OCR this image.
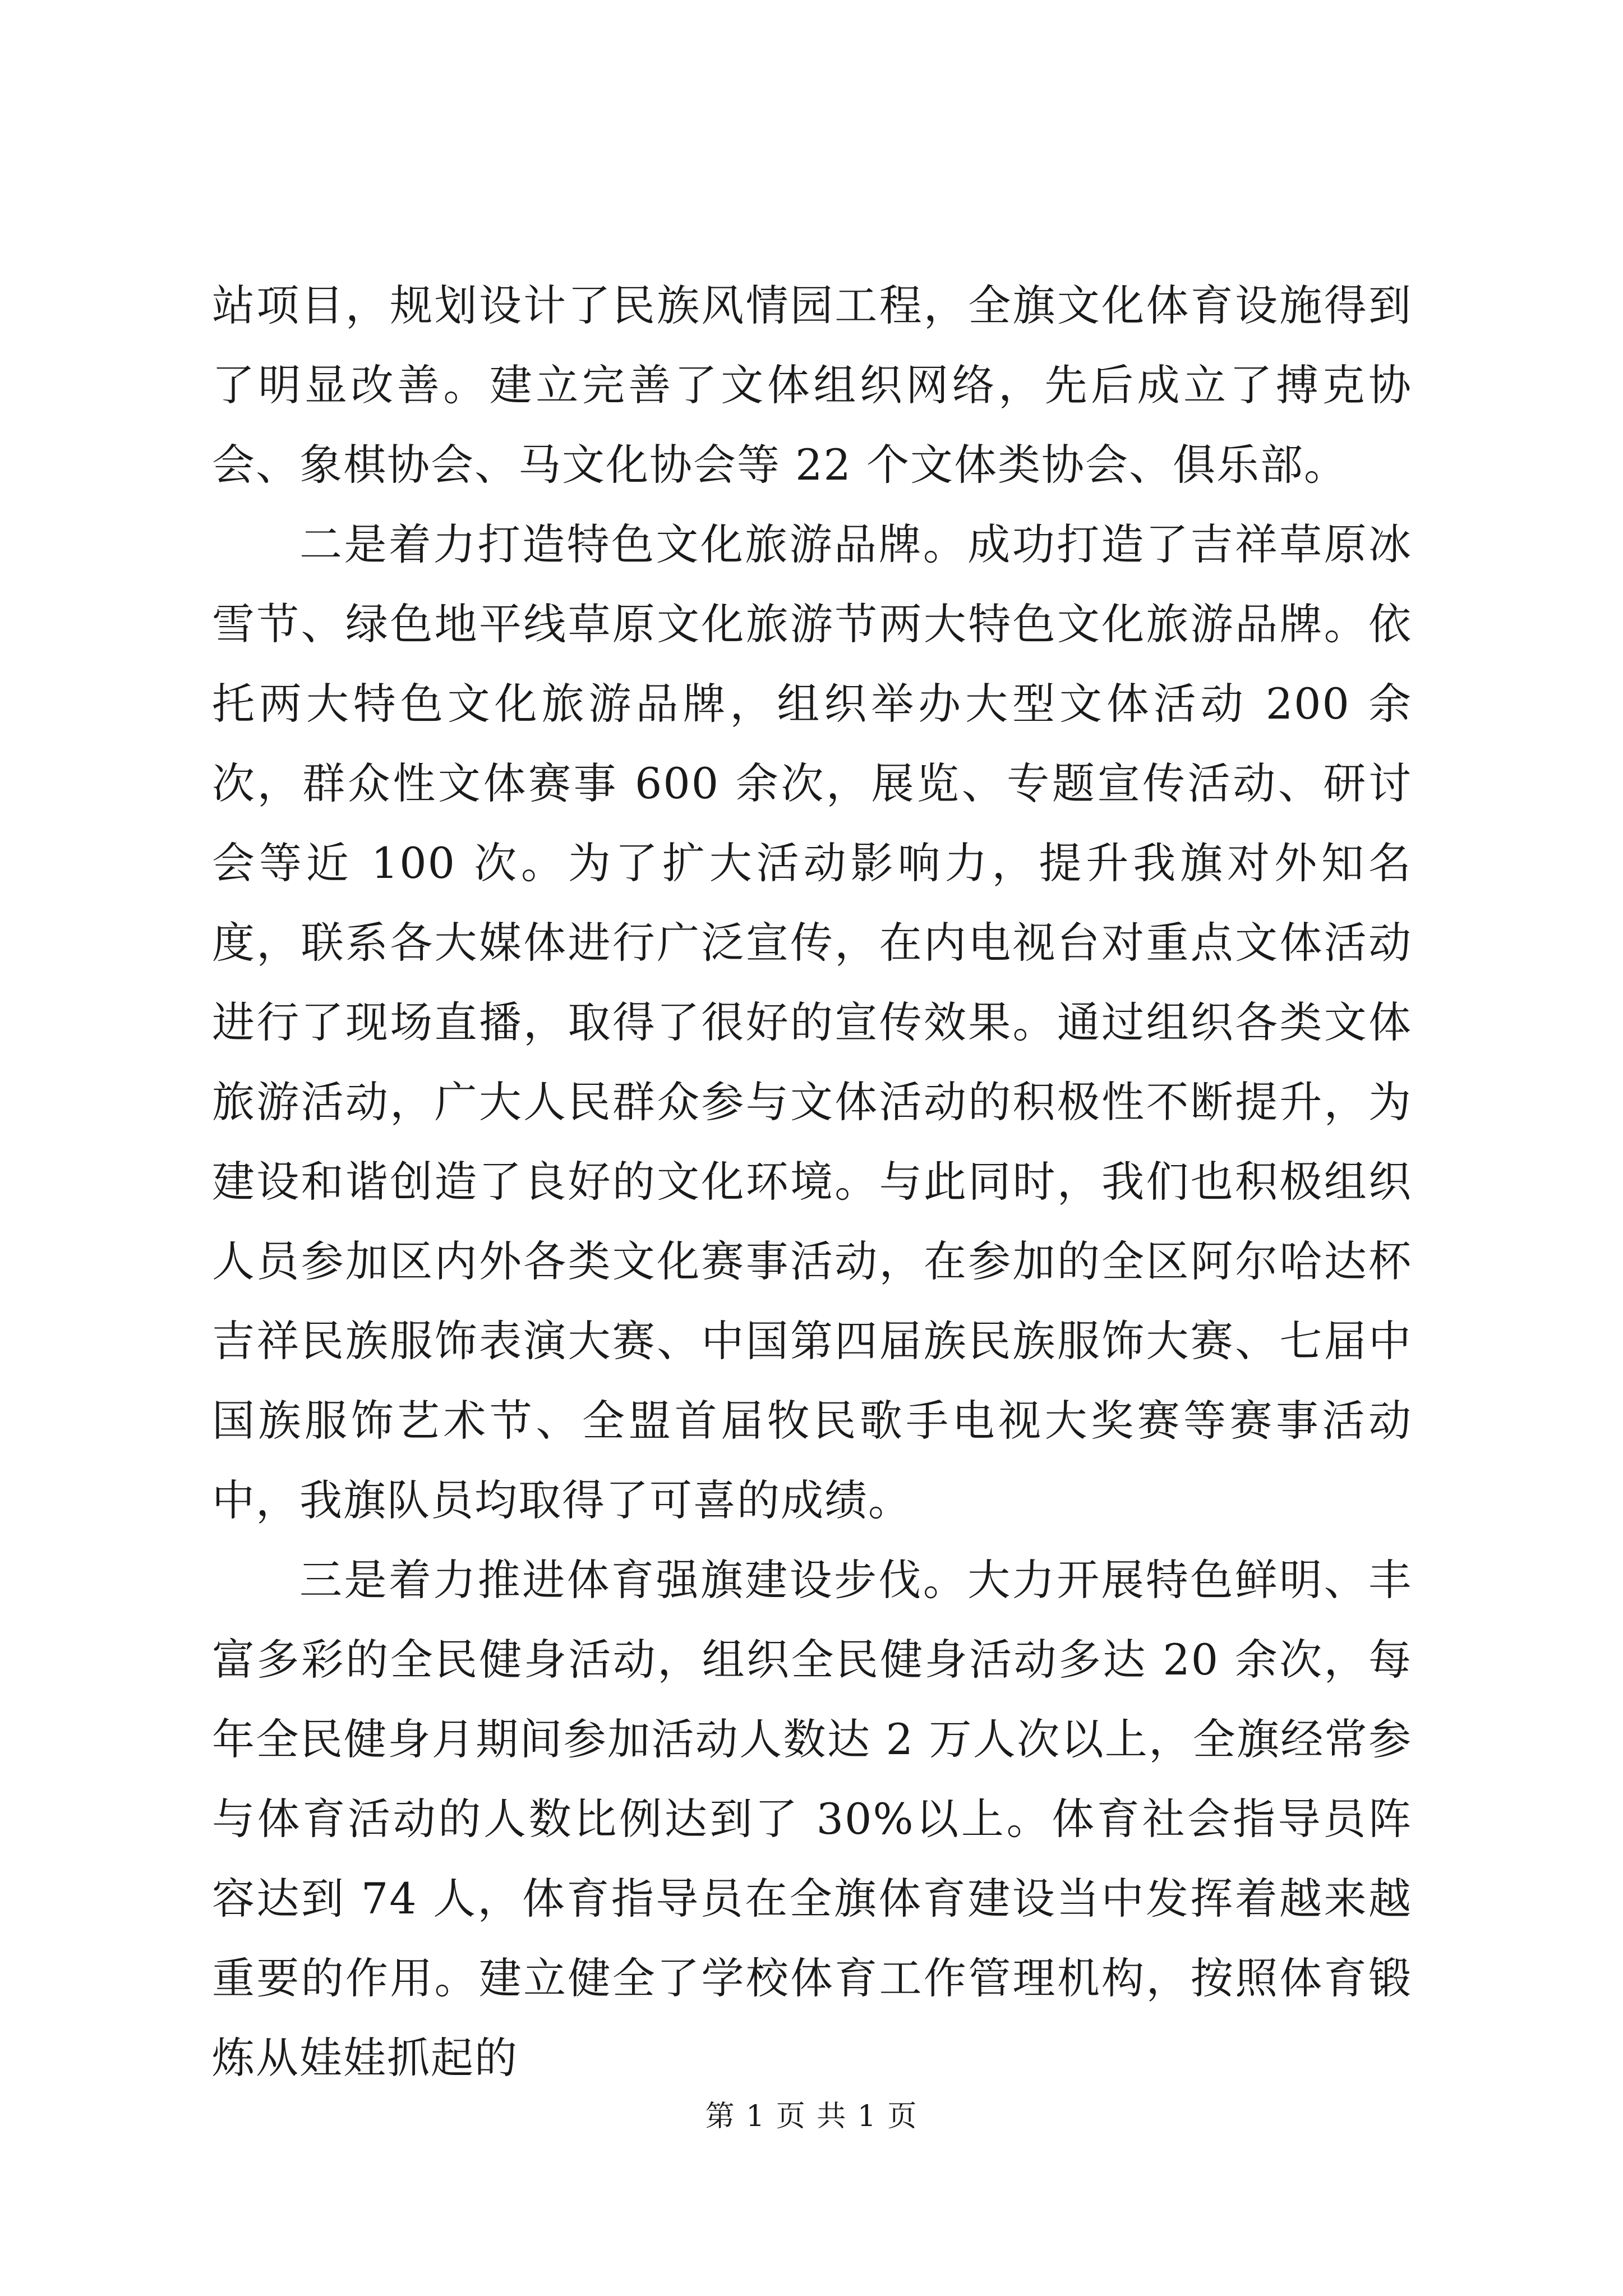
站项目，规划设计了民族风情园工程，全旗文化体育设施得到了明显改善。建立完善了文体组织网络，先后成立了搏克协会、象棋协会、马文化协会等 22 个文体类协会、俱乐部。

二是着力打造特色文化旅游品牌。成功打造了吉祥草原冰雪节、绿色地平线草原文化旅游节两大特色文化旅游品牌。依托两大特色文化旅游品牌，组织举办大型文体活动 200 余次，群众性文体赛事 600 余次，展览、专题宣传活动、研讨会等近 100 次。为了扩大活动影响力，提升我旗对外知名度，联系各大媒体进行广泛宣传，在内电视台对重点文体活动进行了现场直播，取得了很好的宣传效果。通过组织各类文体旅游活动，广大人民群众参与文体活动的积极性不断提升，为建设和谐创造了良好的文化环境。与此同时，我们也积极组织人员参加区内外各类文化赛事活动，在参加的全区阿尔哈达杯吉祥民族服饰表演大赛、中国第四届族民族服饰大赛、七届中国族服饰艺术节、全盟首届牧民歌手电视大奖赛等赛事活动中，我旗队员均取得了可喜的成绩。

三是着力推进体育强旗建设步伐。大力开展特色鲜明、丰富多彩的全民健身活动，组织全民健身活动多达 20 余次，每年全民健身月期间参加活动人数达 2 万人次以上，全旗经常参与体育活动的人数比例达到了 30%以上。体育社会指导员阵容达到 74 人，体育指导员在全旗体育建设当中发挥着越来越重要的作用。建立健全了学校体育工作管理机构，按照体育锻炼从娃娃抓起的

第 1 页 共 1 页
